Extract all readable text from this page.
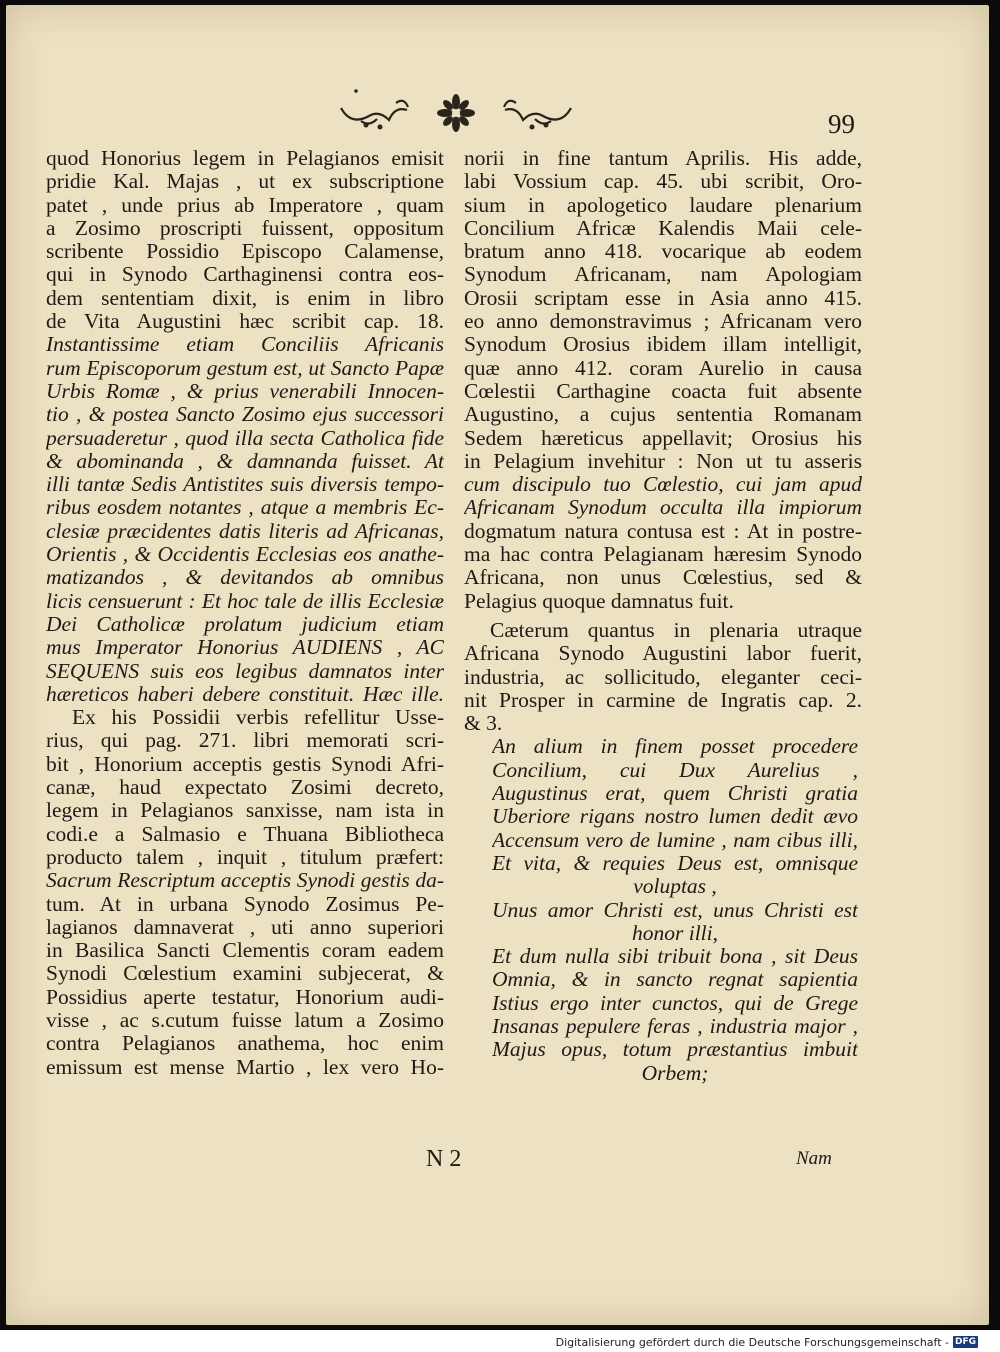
99
quod Honorius legem in Pelagianos emisit
pridie Kal. Majas , ut ex subscriptione
patet , unde prius ab Imperatore , quam
a Zosimo proscripti fuissent, oppositum
scribente Possidio Episcopo Calamense,
qui in Synodo Carthaginensi contra eos-
dem sententiam dixit, is enim in libro
de Vita Augustini hæc scribit cap. 18.
Instantissime etiam Conciliis Africanis
rum Episcoporum gestum est, ut Sancto Papæ
Urbis Romæ , & prius venerabili Innocen-
tio , & postea Sancto Zosimo ejus successori
persuaderetur , quod illa secta Catholica fide
& abominanda , & damnanda fuisset. At
illi tantæ Sedis Antistites suis diversis tempo-
ribus eosdem notantes , atque a membris Ec-
clesiæ præcidentes datis literis ad Africanas,
Orientis , & Occidentis Ecclesias eos anathe-
matizandos , & devitandos ab omnibus
licis censuerunt : Et hoc tale de illis Ecclesiæ
Dei Catholicæ prolatum judicium etiam
mus Imperator Honorius AUDIENS , AC
SEQUENS suis eos legibus damnatos inter
hæreticos haberi debere constituit. Hæc ille.
Ex his Possidii verbis refellitur Usse-
rius, qui pag. 271. libri memorati scri-
bit , Honorium acceptis gestis Synodi Afri-
canæ, haud expectato Zosimi decreto,
legem in Pelagianos sanxisse, nam ista in
codi.e a Salmasio e Thuana Bibliotheca
producto talem , inquit , titulum præfert:
Sacrum Rescriptum acceptis Synodi gestis da-
tum. At in urbana Synodo Zosimus Pe-
lagianos damnaverat , uti anno superiori
in Basilica Sancti Clementis coram eadem
Synodi Cœlestium examini subjecerat, &
Possidius aperte testatur, Honorium audi-
visse , ac s.cutum fuisse latum a Zosimo
contra Pelagianos anathema, hoc enim
emissum est mense Martio , lex vero Ho-
norii in fine tantum Aprilis. His adde,
labi Vossium cap. 45. ubi scribit, Oro-
sium in apologetico laudare plenarium
Concilium Africæ Kalendis Maii cele-
bratum anno 418. vocarique ab eodem
Synodum Africanam, nam Apologiam
Orosii scriptam esse in Asia anno 415.
eo anno demonstravimus ; Africanam vero
Synodum Orosius ibidem illam intelligit,
quæ anno 412. coram Aurelio in causa
Cœlestii Carthagine coacta fuit absente
Augustino, a cujus sententia Romanam
Sedem hæreticus appellavit; Orosius his
in Pelagium invehitur : Non ut tu asseris
cum discipulo tuo Cœlestio, cui jam apud
Africanam Synodum occulta illa impiorum
dogmatum natura contusa est : At in postre-
ma hac contra Pelagianam hæresim Synodo
Africana, non unus Cœlestius, sed &
Pelagius quoque damnatus fuit.
Cæterum quantus in plenaria utraque
Africana Synodo Augustini labor fuerit,
industria, ac sollicitudo, eleganter ceci-
nit Prosper in carmine de Ingratis cap. 2.
& 3.
An alium in finem posset procedere
Concilium, cui Dux Aurelius ,
Augustinus erat, quem Christi gratia
Uberiore rigans nostro lumen dedit ævo
Accensum vero de lumine , nam cibus illi,
Et vita, & requies Deus est, omnisque
voluptas ,
Unus amor Christi est, unus Christi est
honor illi,
Et dum nulla sibi tribuit bona , sit Deus
Omnia, & in sancto regnat sapientia
Istius ergo inter cunctos, qui de Grege
Insanas pepulere feras , industria major ,
Majus opus, totum præstantius imbuit
Orbem;
N 2	Nam
Digitalisierung gefördert durch die Deutsche Forschungsgemeinschaft - DFG
